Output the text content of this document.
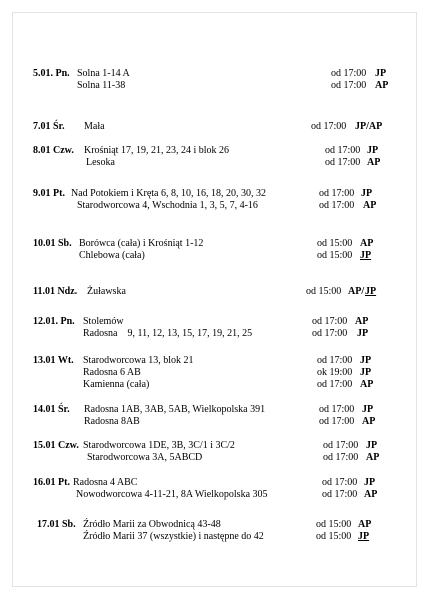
5.01. Pn. Solna 1-14 A	od 17:00 JP
Solna 11-38	od 17:00 AP
7.01 Śr. Mała	od 17:00 JP/AP
8.01 Czw. Krośniąt 17, 19, 21, 23, 24 i blok 26	od 17:00 JP
Lesoka	od 17:00 AP
9.01 Pt. Nad Potokiem i Kręta 6, 8, 10, 16, 18, 20, 30, 32	od 17:00 JP
Starodworcowa 4, Wschodnia 1, 3, 5, 7, 4-16	od 17:00 AP
10.01 Sb. Borówca (cała) i Krośniąt 1-12	od 15:00 AP
Chlebowa (cała)	od 15:00 JP
11.01 Ndz. Żuławska	od 15:00 AP/ JP
12.01. Pn. Stolemów	od 17:00 AP
Radosna    9, 11, 12, 13, 15, 17, 19, 21, 25	od 17:00 JP
13.01 Wt. Starodworcowa 13, blok 21	od 17:00 JP
Radosna 6 AB	ok 19:00 JP
Kamienna (cała)	od 17:00 AP
14.01 Śr. Radosna 1AB, 3AB, 5AB, Wielkopolska 391	od 17:00 JP
Radosna 8AB	od 17:00 AP
15.01 Czw. Starodworcowa 1DE, 3B, 3C/1 i 3C/2	od 17:00 JP
Starodworcowa 3A, 5ABCD	od 17:00 AP
16.01 Pt. Radosna 4 ABC	od 17:00 JP
Nowodworcowa 4-11-21, 8A Wielkopolska 305	od 17:00 AP
17.01 Sb. Źródło Marii za Obwodnicą 43-48	od 15:00 AP
Źródło Marii 37 (wszystkie) i następne do 42	od 15:00 JP
